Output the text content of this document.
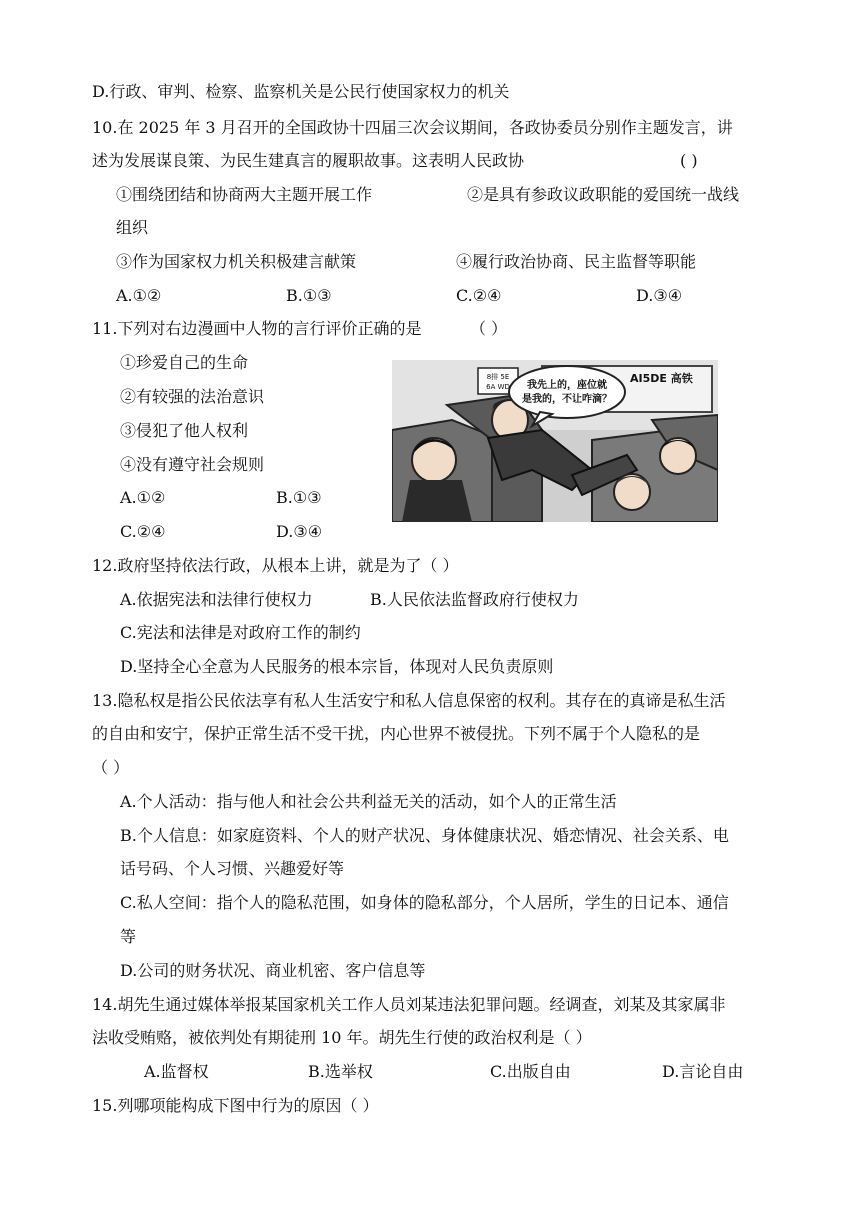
D.行政、审判、检察、监察机关是公民行使国家权力的机关
10.在 2025 年 3 月召开的全国政协十四届三次会议期间，各政协委员分别作主题发言，讲
述为发展谋良策、为民生建真言的履职故事。这表明人民政协	( )
①围绕团结和协商两大主题开展工作	②是具有参政议政职能的爱国统一战线
组织
③作为国家权力机关积极建言献策	④履行政治协商、民主监督等职能
A.①②	B.①③	C.②④	D.③④
11.下列对右边漫画中人物的言行评价正确的是	（ ）
①珍爱自己的生命
②有较强的法治意识
③侵犯了他人权利
④没有遵守社会规则
A.①②	B.①③
C.②④	D.③④
我先上的，座位就
是我的，不让咋滴？
AI5DE 高铁
8排 5E
6A WD
12.政府坚持依法行政，从根本上讲，就是为了（ ）
A.依据宪法和法律行使权力	B.人民依法监督政府行使权力
C.宪法和法律是对政府工作的制约
D.坚持全心全意为人民服务的根本宗旨，体现对人民负责原则
13.隐私权是指公民依法享有私人生活安宁和私人信息保密的权利。其存在的真谛是私生活
的自由和安宁，保护正常生活不受干扰，内心世界不被侵扰。下列不属于个人隐私的是
（ ）
A.个人活动：指与他人和社会公共利益无关的活动，如个人的正常生活
B.个人信息：如家庭资料、个人的财产状况、身体健康状况、婚恋情况、社会关系、电
话号码、个人习惯、兴趣爱好等
C.私人空间：指个人的隐私范围，如身体的隐私部分，个人居所，学生的日记本、通信
等
D.公司的财务状况、商业机密、客户信息等
14.胡先生通过媒体举报某国家机关工作人员刘某违法犯罪问题。经调查，刘某及其家属非
法收受贿赂，被依判处有期徒刑 10 年。胡先生行使的政治权利是（ ）
A.监督权	B.选举权	C.出版自由	D.言论自由
15.列哪项能构成下图中行为的原因（ ）
